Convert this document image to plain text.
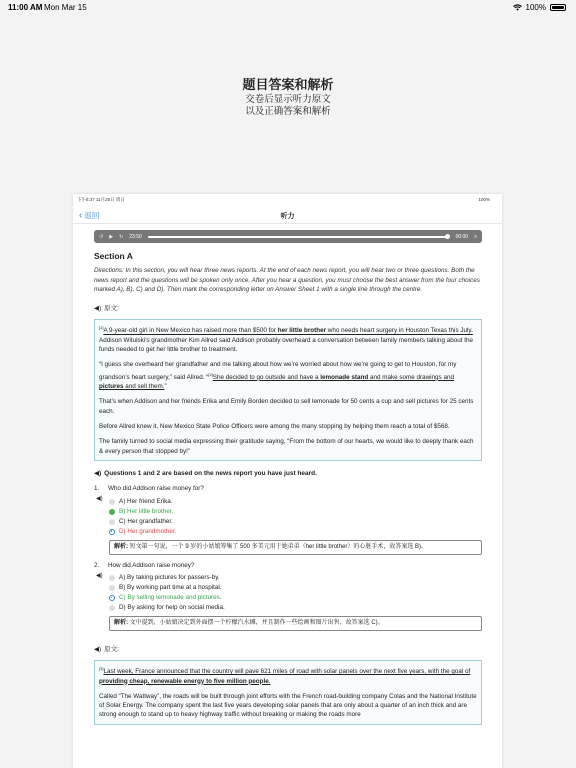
11:00 AM Mon Mar 15	100%
题目答案和解析
交卷后显示听力原文
以及正确答案和解析
下午8:37 11月25日 周日	100%
‹ 返回	听力
↺ ▶ ↻ 23:50	00:00 ≡
Section A
Directions: In this section, you will hear three news reports. At the end of each news report, you will hear two or three questions. Both the news report and the questions will be spoken only once. After you hear a question, you must choose the best answer from the four choices marked A), B), C) and D). Then mark the corresponding letter on Answer Sheet 1 with a single line through the centre.
◀) 原文:

[1]A 9-year-old girl in New Mexico has raised more than $500 for her little brother who needs heart surgery in Houston Texas this July. Addison Witulski's grandmother Kim Allred said Addison probably overheard a conversation between family members talking about the funds needed to get her little brother to treatment.

“I guess she overheard her grandfather and me talking about how we’re worried about how we’re going to get to Houston, for my grandson’s heart surgery,” said Allred. “[2]She decided to go outside and have a lemonade stand and make some drawings and pictures and sell them.”

That’s when Addison and her friends Erika and Emily Borden decided to sell lemonade for 50 cents a cup and sell pictures for 25 cents each.

Before Allred knew it, New Mexico State Police Officers were among the many stopping by helping them reach a total of $568.

The family turned to social media expressing their gratitude saying, “From the bottom of our hearts, we would like to deeply thank each & every person that stopped by!”

◀) Questions 1 and 2 are based on the news report you have just heard.
1. Who did Addison raise money for?
◀)	A) Her friend Erika.
B) Her little brother.
C) Her grandfather.
D) Her grandmother.
解析: 短文第一句说，一个 9 岁的小姑娘筹集了 500 多美元用于她弟弟（her little brother）的心脏手术，故答案选 B)。
2. How did Addison raise money?
◀)	A) By taking pictures for passers-by.
B) By working part time at a hospital.
C) By selling lemonade and pictures.
D) By asking for help on social media.
解析: 文中提到，小姑娘决定到外面摆一个柠檬汽水摊，并且制作一些绘画和图片出售，故答案选 C)。
◀) 原文:

[3]Last week, France announced that the country will pave 621 miles of road with solar panels over the next five years, with the goal of providing cheap, renewable energy to five million people.

Called “The Wattway”, the roads will be built through joint efforts with the French road-building company Colas and the National Institute of Solar Energy. The company spent the last five years developing solar panels that are only about a quarter of an inch thick and are strong enough to stand up to heavy highway traffic without breaking or making the roads more
